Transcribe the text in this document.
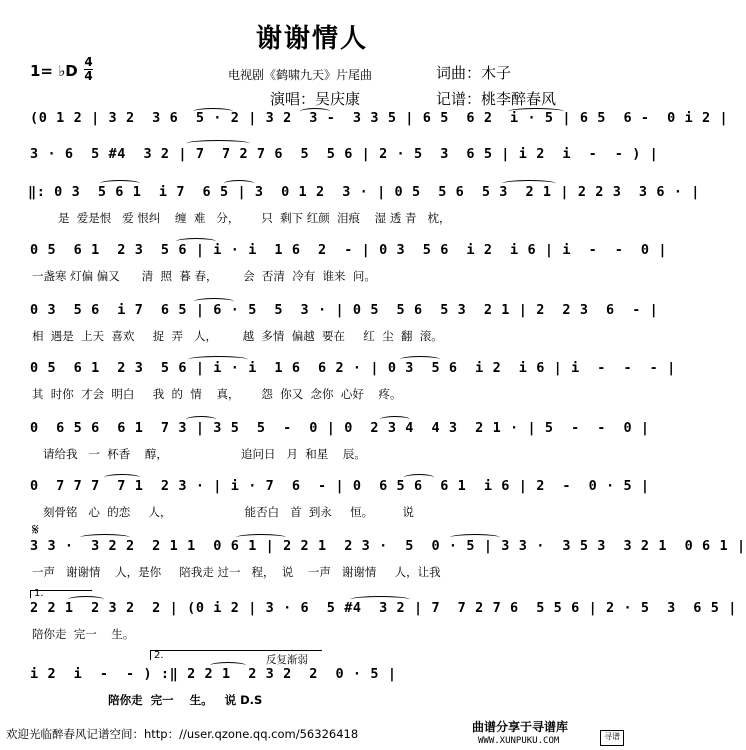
谢谢情人
1= ♭D 4
4	电视剧《鹤啸九天》片尾曲	词曲：木子
演唱：吴庆康	记谱：桃李醉春风
(0 1 2 | 3 2  3 6  5 · 2 | 3 2  3 -  3 3 5 | 6 5  6 2  i · 5 | 6 5  6 -  0 i 2 |
3 · 6  5 #4  3 2 | 7  7 2 7 6  5  5 6 | 2 · 5  3  6 5 | i 2  i  -  - ) |
‖: 0 3  5 6 1  i 7  6 5 | 3  0 1 2  3 · | 0 5  5 6  5 3  2 1 | 2 2 3  3 6 · |
是  爱是恨   爱 恨纠    缠  难   分，      只  剩下 红颜  泪痕    湿 透 青   枕，
0 5  6 1  2 3  5 6 | i · i  1 6  2  - | 0 3  5 6  i 2  i 6 | i  -  -  0 |
一盏寒 灯偏 偏又      清  照  暮 春，       会  否清  冷有  谁来  问。
0 3  5 6  i 7  6 5 | 6 · 5  5  3 · | 0 5  5 6  5 3  2 1 | 2  2 3  6  - |
相  遇是  上天  喜欢     捉  弄   人，       越  多情  偏越  要在     红  尘  翻  滚。
0 5  6 1  2 3  5 6 | i · i  1 6  6 2 · | 0 3  5 6  i 2  i 6 | i  -  -  - |
其  时你  才会  明白     我  的  情    真，      怨  你又  念你  心好    疼。
0  6 5 6  6 1  7 3 | 3 5  5  -  0 | 0  2 3 4  4 3  2 1 · | 5  -  -  0 |
请给我   一  杯香    醇，                    追问日   月  和星    辰。
0  7 7 7  7 1  2 3 · | i · 7  6  - | 0  6 5 6  6 1  i 6 | 2  -  0 · 5 |
刻骨铭   心  的恋     人，                    能否白   首  到永     恒。        说
𝄋
3 3 ·  3 2 2  2 1 1  0 6 1 | 2 2 1  2 3 ·  5  0 · 5 | 3 3 ·  3 5 3  3 2 1  0 6 1 |
一声   谢谢情    人，是你     陪我走 过一   程，  说    一声   谢谢情     人，让我
1.
2 2 1  2 3 2  2 | (0 i 2 | 3 · 6  5 #4  3 2 | 7  7 2 7 6  5 5 6 | 2 · 5  3  6 5 |
陪你走  完一    生。
2.	反复渐弱
i 2  i  -  - ) :‖ 2 2 1  2 3 2  2  0 · 5 |
陪你走  完一    生。   说 D.S
欢迎光临醉春风记谱空间：http：//user.qzone.qq.com/56326418	曲谱分享于寻谱库
WWW.XUNPUKU.COM	寻谱
